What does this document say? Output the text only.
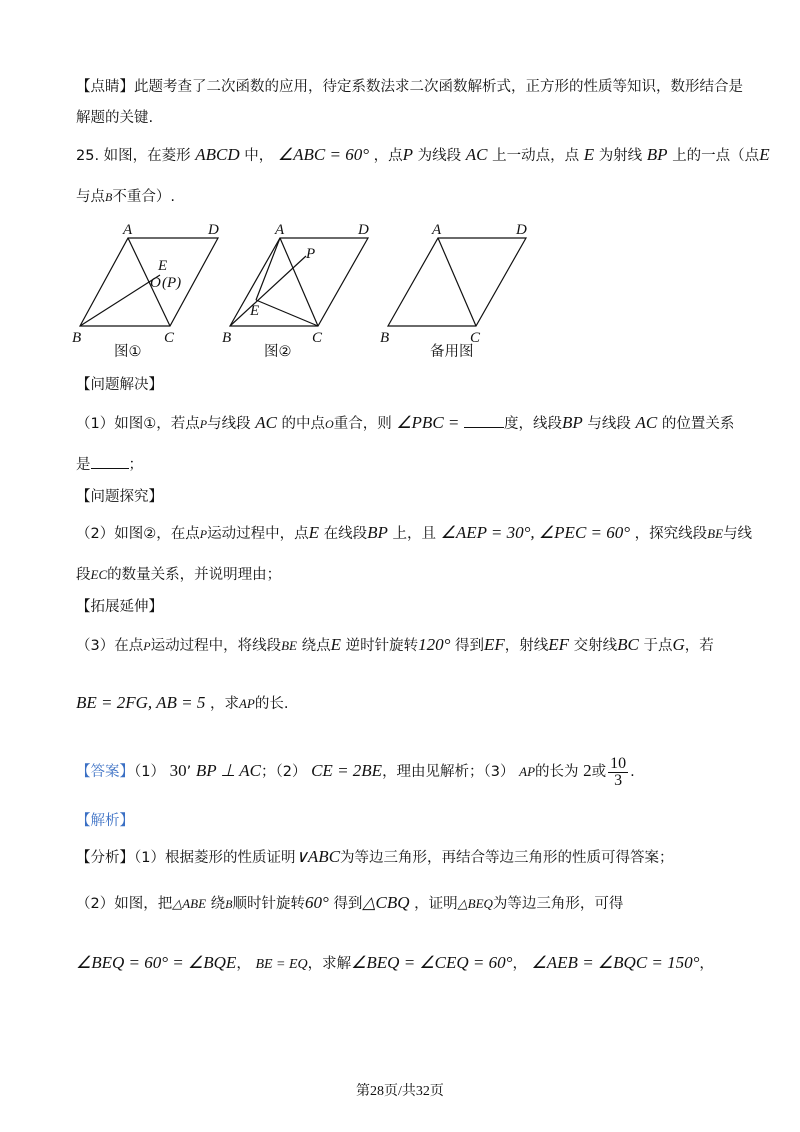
【点睛】此题考查了二次函数的应用，待定系数法求二次函数解析式，正方形的性质等知识，数形结合是
解题的关键.
25. 如图，在菱形 ABCD 中， ∠ABC = 60° ，点P 为线段 AC 上一动点，点 E 为射线 BP 上的一点（点E
与点B不重合）.
A	D
B	C
E
O (P)
A	D
B	C
P
E
A	D
B	C
图①	图②	备用图
【问题解决】
（1）如图①，若点P与线段 AC 的中点O重合，则 ∠PBC =	度，线段BP 与线段 AC 的位置关系
是	；
【问题探究】
（2）如图②，在点P运动过程中，点E 在线段BP 上，且 ∠AEP = 30°, ∠PEC = 60° ，探究线段BE与线
段EC的数量关系，并说明理由；
【拓展延伸】
（3）在点P运动过程中，将线段BE 绕点E 逆时针旋转120° 得到EF，射线EF 交射线BC 于点G，若
BE = 2FG, AB = 5 ，求AP的长.
【答案】（1） 30’ BP ⊥ AC；（2） CE = 2BE，理由见解析；（3） AP的长为 2或 $\frac{10}{3}$ .
【解析】
【分析】（1）根据菱形的性质证明∨ABC为等边三角形，再结合等边三角形的性质可得答案；
（2）如图，把△ABE 绕B顺时针旋转60° 得到△CBQ ，证明△BEQ为等边三角形，可得
∠BEQ = 60° = ∠BQE， BE = EQ，求解∠BEQ = ∠CEQ = 60°， ∠AEB = ∠BQC = 150°，
第28页/共32页
